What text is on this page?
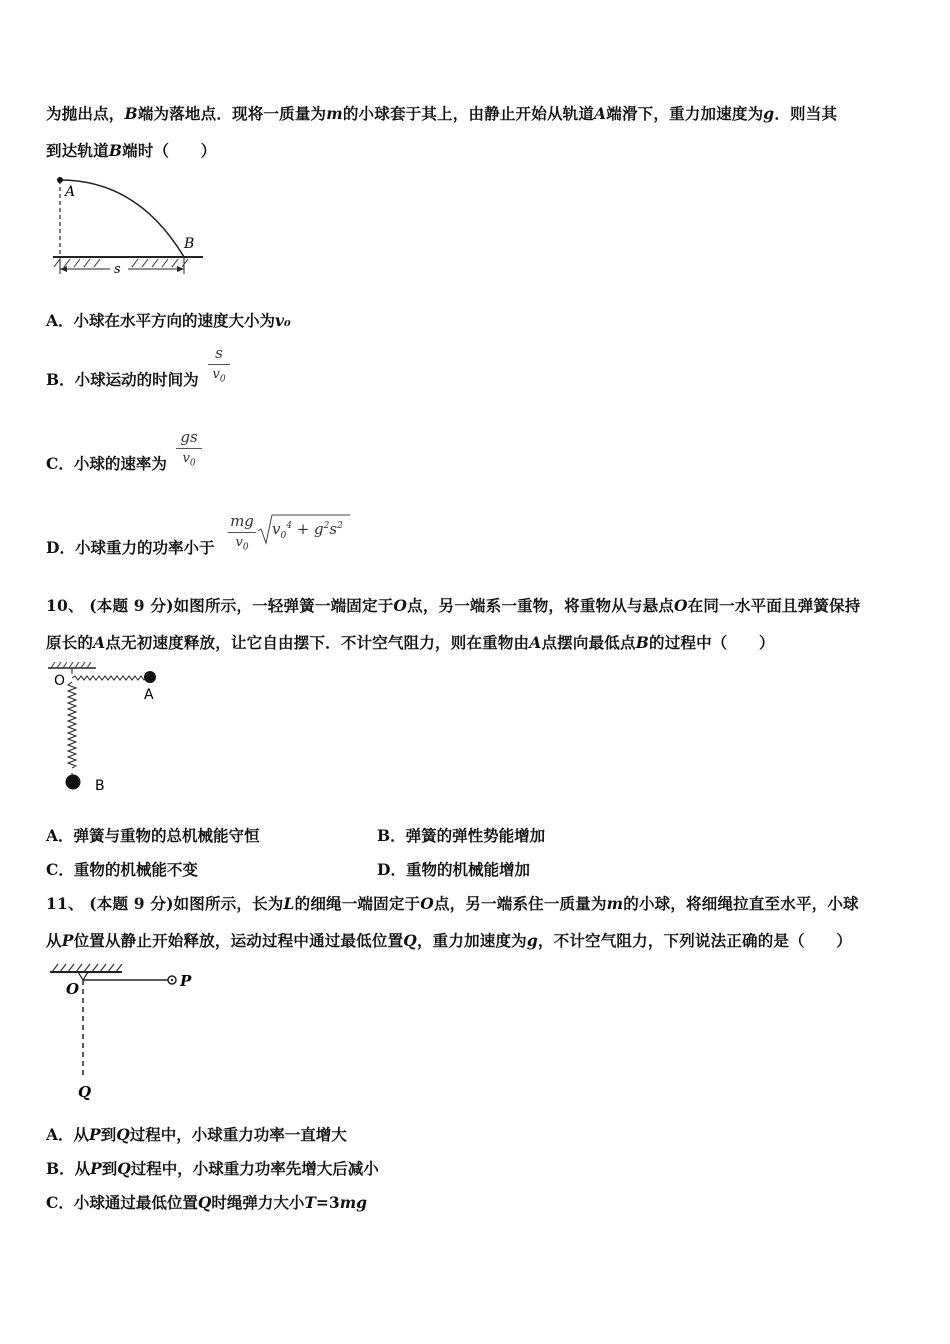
为抛出点，B端为落地点．现将一质量为m的小球套于其上，由静止开始从轨道A端滑下，重力加速度为g．则当其
到达轨道B端时（　　）
A
B
s
A．小球在水平方向的速度大小为v₀
B．小球运动的时间为
s
$v_0$
C．小球的速率为
gs
$v_0$
D．小球重力的功率小于
mg
$v_0$
$v_0^4 + g^2s^2$
10、 (本题 9 分)如图所示，一轻弹簧一端固定于O点，另一端系一重物，将重物从与悬点O在同一水平面且弹簧保持
原长的A点无初速度释放，让它自由摆下．不计空气阻力，则在重物由A点摆向最低点B的过程中（　　）
O
A
B
A．弹簧与重物的总机械能守恒	B．弹簧的弹性势能增加
C．重物的机械能不变	D．重物的机械能增加
11、 (本题 9 分)如图所示，长为L的细绳一端固定于O点，另一端系住一质量为m的小球，将细绳拉直至水平，小球
从P位置从静止开始释放，运动过程中通过最低位置Q，重力加速度为g，不计空气阻力，下列说法正确的是（　　）
O	P
Q
A．从P到Q过程中，小球重力功率一直增大
B．从P到Q过程中，小球重力功率先增大后减小
C．小球通过最低位置Q时绳弹力大小T=3mg
